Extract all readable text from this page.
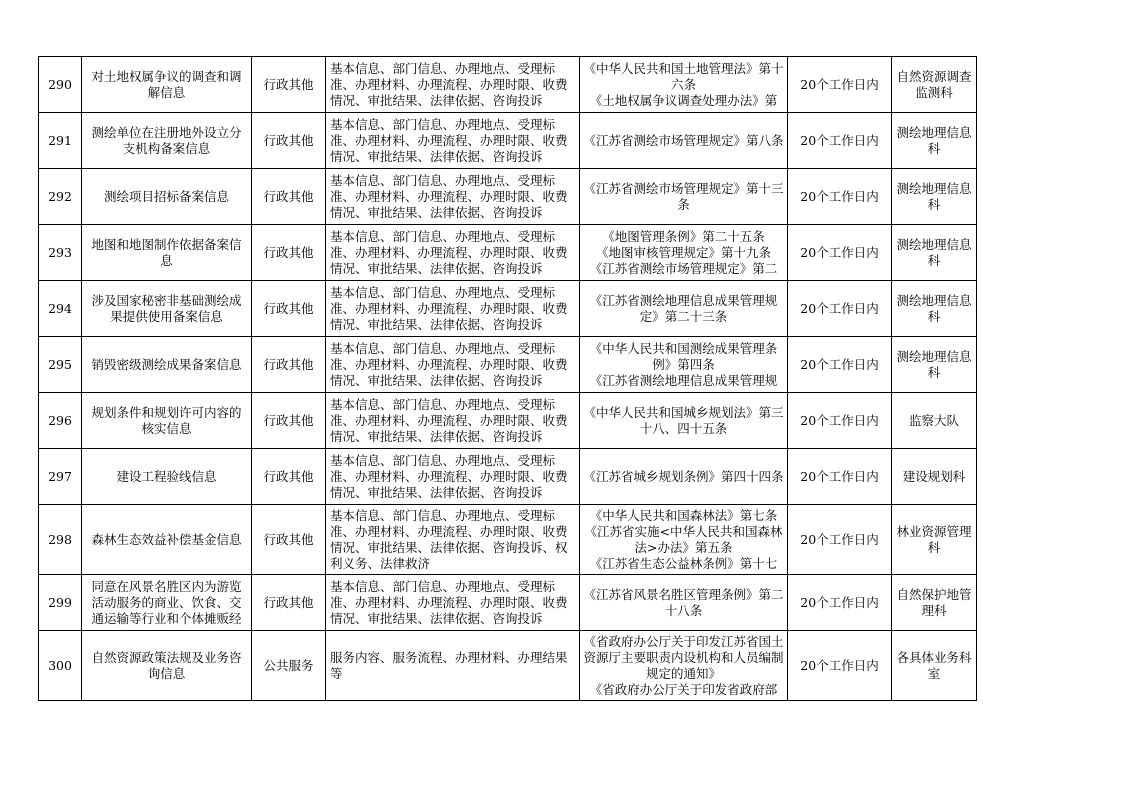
290	对土地权属争议的调查和调解信息	行政其他	基本信息、部门信息、办理地点、受理标准、办理材料、办理流程、办理时限、收费情况、审批结果、法律依据、咨询投诉	《中华人民共和国土地管理法》第十六条
《土地权属争议调查处理办法》第	20个工作日内	自然资源调查监测科

291	测绘单位在注册地外设立分支机构备案信息	行政其他	基本信息、部门信息、办理地点、受理标准、办理材料、办理流程、办理时限、收费情况、审批结果、法律依据、咨询投诉	《江苏省测绘市场管理规定》第八条	20个工作日内	测绘地理信息科

292	测绘项目招标备案信息	行政其他	基本信息、部门信息、办理地点、受理标准、办理材料、办理流程、办理时限、收费情况、审批结果、法律依据、咨询投诉	《江苏省测绘市场管理规定》第十三条	20个工作日内	测绘地理信息科

293	地图和地图制作依据备案信息	行政其他	基本信息、部门信息、办理地点、受理标准、办理材料、办理流程、办理时限、收费情况、审批结果、法律依据、咨询投诉	《地图管理条例》第二十五条
《地图审核管理规定》第十九条
《江苏省测绘市场管理规定》第二	20个工作日内	测绘地理信息科

294	涉及国家秘密非基础测绘成果提供使用备案信息	行政其他	基本信息、部门信息、办理地点、受理标准、办理材料、办理流程、办理时限、收费情况、审批结果、法律依据、咨询投诉	《江苏省测绘地理信息成果管理规定》第二十三条	20个工作日内	测绘地理信息科

295	销毁密级测绘成果备案信息	行政其他	基本信息、部门信息、办理地点、受理标准、办理材料、办理流程、办理时限、收费情况、审批结果、法律依据、咨询投诉	《中华人民共和国测绘成果管理条例》第四条
《江苏省测绘地理信息成果管理规	20个工作日内	测绘地理信息科

296	规划条件和规划许可内容的核实信息	行政其他	基本信息、部门信息、办理地点、受理标准、办理材料、办理流程、办理时限、收费情况、审批结果、法律依据、咨询投诉	《中华人民共和国城乡规划法》第三十八、四十五条	20个工作日内	监察大队

297	建设工程验线信息	行政其他	基本信息、部门信息、办理地点、受理标准、办理材料、办理流程、办理时限、收费情况、审批结果、法律依据、咨询投诉	《江苏省城乡规划条例》第四十四条	20个工作日内	建设规划科

298	森林生态效益补偿基金信息	行政其他	基本信息、部门信息、办理地点、受理标准、办理材料、办理流程、办理时限、收费情况、审批结果、法律依据、咨询投诉、权利义务、法律救济	《中华人民共和国森林法》第七条
《江苏省实施<中华人民共和国森林法>办法》第五条
《江苏省生态公益林条例》第十七	20个工作日内	林业资源管理科

299	同意在风景名胜区内为游览活动服务的商业、饮食、交通运输等行业和个体摊贩经	行政其他	基本信息、部门信息、办理地点、受理标准、办理材料、办理流程、办理时限、收费情况、审批结果、法律依据、咨询投诉	《江苏省风景名胜区管理条例》第二十八条	20个工作日内	自然保护地管理科

300	自然资源政策法规及业务咨询信息	公共服务	服务内容、服务流程、办理材料、办理结果等	《省政府办公厅关于印发江苏省国土资源厅主要职责内设机构和人员编制规定的通知》
《省政府办公厅关于印发省政府部	20个工作日内	各具体业务科室
